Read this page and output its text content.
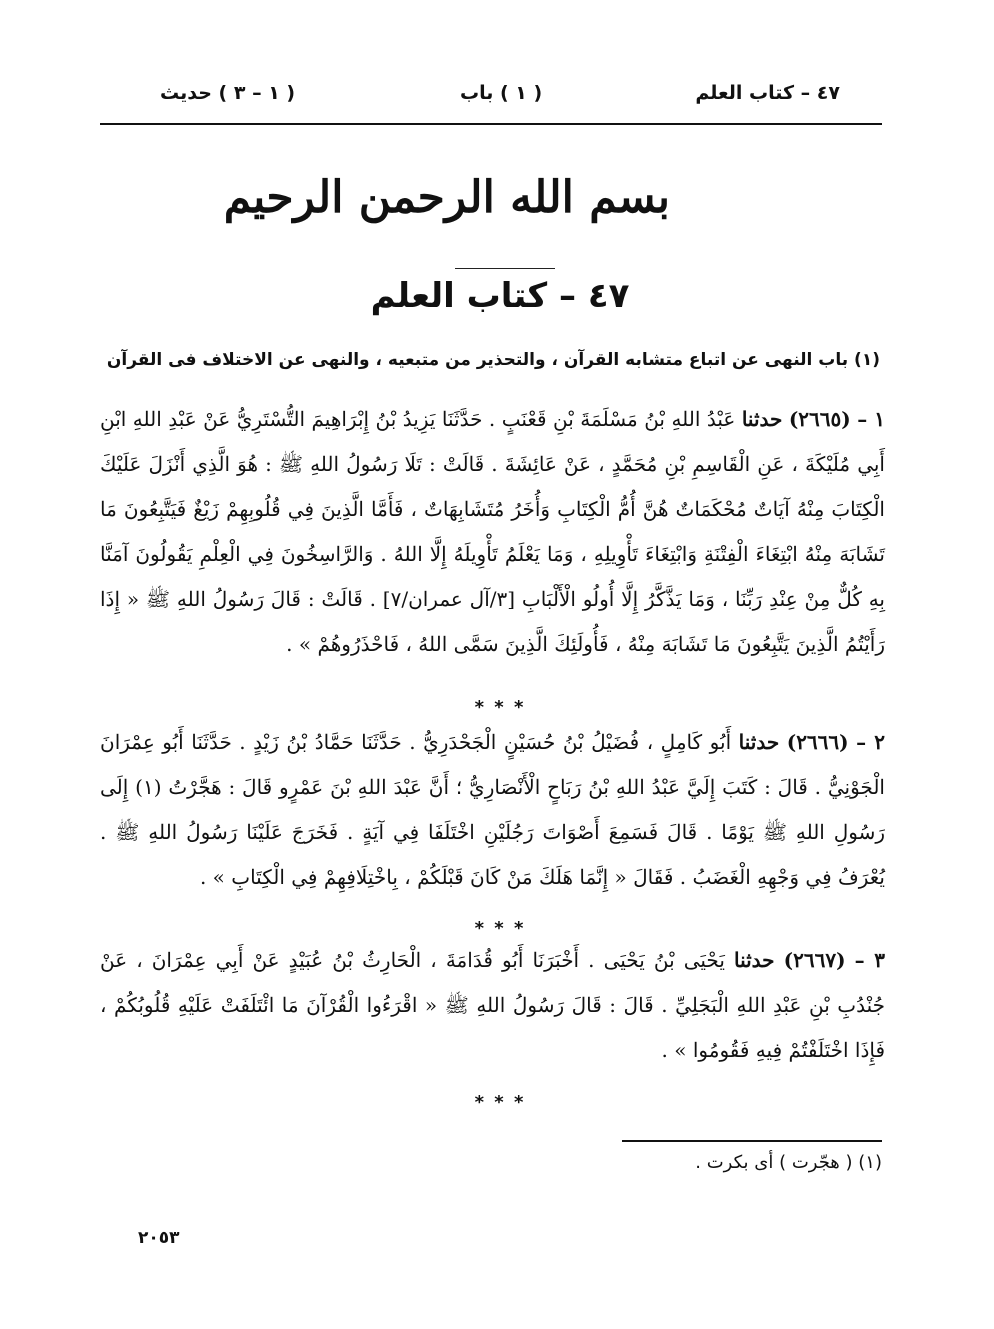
٤٧ – كتاب العلم
( ١ ) باب
( ١ – ٣ ) حديث
بسم الله الرحمن الرحيم
٤٧ – كتاب العلم
(١) باب النهى عن اتباع متشابه القرآن ، والتحذير من متبعيه ، والنهى عن الاختلاف فى القرآن
١ – (٢٦٦٥) حدثنا عَبْدُ اللهِ بْنُ مَسْلَمَةَ بْنِ قَعْنَبٍ . حَدَّثَنَا يَزِيدُ بْنُ إِبْرَاهِيمَ التُّسْتَرِيُّ عَنْ عَبْدِ اللهِ ابْنِ أَبِي مُلَيْكَةَ ، عَنِ الْقَاسِمِ بْنِ مُحَمَّدٍ ، عَنْ عَائِشَةَ . قَالَتْ : تَلَا رَسُولُ اللهِ ﷺ : هُوَ الَّذِي أَنْزَلَ عَلَيْكَ الْكِتَابَ مِنْهُ آيَاتٌ مُحْكَمَاتٌ هُنَّ أُمُّ الْكِتَابِ وَأُخَرُ مُتَشَابِهَاتٌ ، فَأَمَّا الَّذِينَ فِي قُلُوبِهِمْ زَيْغٌ فَيَتَّبِعُونَ مَا تَشَابَهَ مِنْهُ ابْتِغَاءَ الْفِتْنَةِ وَابْتِغَاءَ تَأْوِيلِهِ ، وَمَا يَعْلَمُ تَأْوِيلَهُ إِلَّا اللهُ . وَالرَّاسِخُونَ فِي الْعِلْمِ يَقُولُونَ آمَنَّا بِهِ كُلٌّ مِنْ عِنْدِ رَبِّنَا ، وَمَا يَذَّكَّرُ إِلَّا أُولُو الْأَلْبَابِ [٣/آل عمران/٧] . قَالَتْ : قَالَ رَسُولُ اللهِ ﷺ « إِذَا رَأَيْتُمُ الَّذِينَ يَتَّبِعُونَ مَا تَشَابَهَ مِنْهُ ، فَأُولَئِكَ الَّذِينَ سَمَّى اللهُ ، فَاحْذَرُوهُمْ » .
* * *
٢ – (٢٦٦٦) حدثنا أَبُو كَامِلٍ ، فُضَيْلُ بْنُ حُسَيْنٍ الْجَحْدَرِيُّ . حَدَّثَنَا حَمَّادُ بْنُ زَيْدٍ . حَدَّثَنَا أَبُو عِمْرَانَ الْجَوْنِيُّ . قَالَ : كَتَبَ إِلَيَّ عَبْدُ اللهِ بْنُ رَبَاحٍ الْأَنْصَارِيُّ ؛ أَنَّ عَبْدَ اللهِ بْنَ عَمْرٍو قَالَ : هَجَّرْتُ (١) إِلَى رَسُولِ اللهِ ﷺ يَوْمًا . قَالَ فَسَمِعَ أَصْوَاتَ رَجُلَيْنِ اخْتَلَفَا فِي آيَةٍ . فَخَرَجَ عَلَيْنَا رَسُولُ اللهِ ﷺ . يُعْرَفُ فِي وَجْهِهِ الْغَضَبُ . فَقَالَ « إِنَّمَا هَلَكَ مَنْ كَانَ قَبْلَكُمْ ، بِاخْتِلَافِهِمْ فِي الْكِتَابِ » .
* * *
٣ – (٢٦٦٧) حدثنا يَحْيَى بْنُ يَحْيَى . أَخْبَرَنَا أَبُو قُدَامَةَ ، الْحَارِثُ بْنُ عُبَيْدٍ عَنْ أَبِي عِمْرَانَ ، عَنْ جُنْدُبِ بْنِ عَبْدِ اللهِ الْبَجَلِيِّ . قَالَ : قَالَ رَسُولُ اللهِ ﷺ « اقْرَءُوا الْقُرْآنَ مَا ائْتَلَفَتْ عَلَيْهِ قُلُوبُكُمْ ، فَإِذَا اخْتَلَفْتُمْ فِيهِ فَقُومُوا » .
* * *
(١) ( هجّرت ) أى بكرت .
٢٠٥٣
